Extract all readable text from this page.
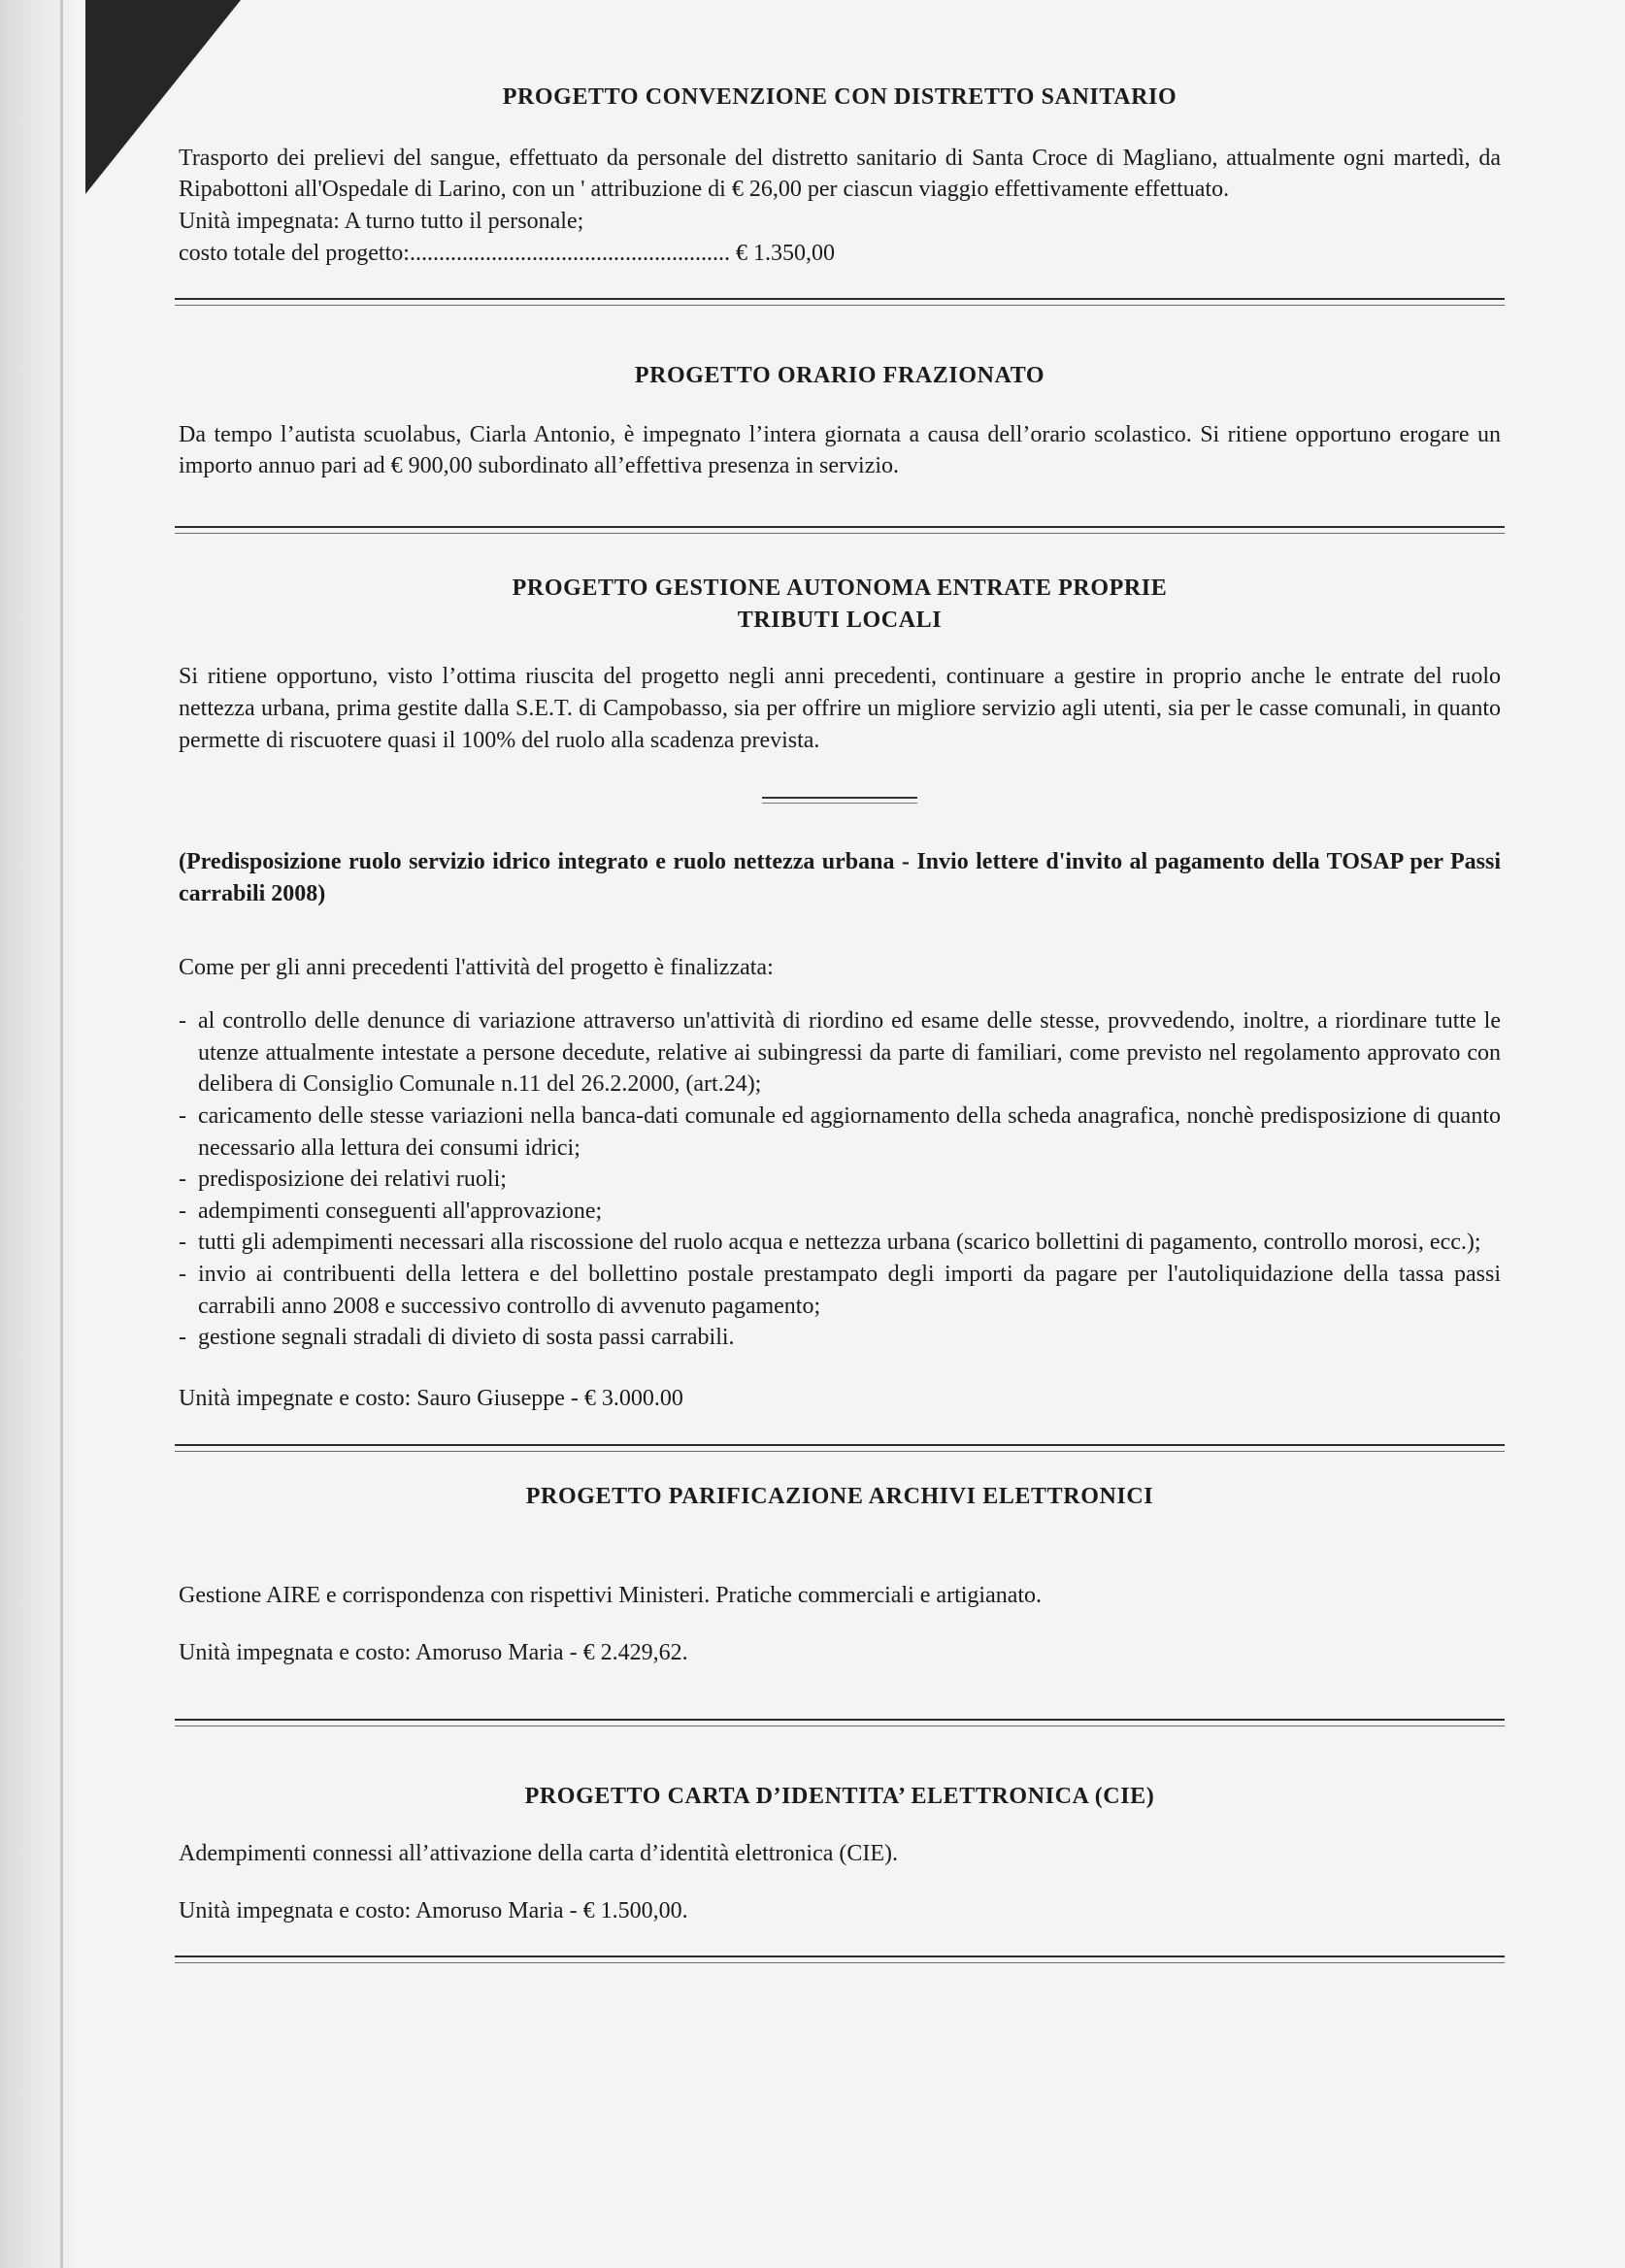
PROGETTO CONVENZIONE CON DISTRETTO SANITARIO

Trasporto dei prelievi del sangue, effettuato da personale del distretto sanitario di Santa Croce di Magliano, attualmente ogni martedì, da Ripabottoni all'Ospedale di Larino, con un ' attribuzione di € 26,00 per ciascun viaggio effettivamente effettuato.

Unità impegnata: A turno tutto il personale;

costo totale del progetto:....................................................... € 1.350,00

PROGETTO ORARIO FRAZIONATO

Da tempo l’autista scuolabus, Ciarla Antonio, è impegnato l’intera giornata a causa dell’orario scolastico. Si ritiene opportuno erogare un importo annuo pari ad € 900,00 subordinato all’effettiva presenza in servizio.

PROGETTO GESTIONE AUTONOMA ENTRATE PROPRIE
TRIBUTI LOCALI

Si ritiene opportuno, visto l’ottima riuscita del progetto negli anni precedenti, continuare a gestire in proprio anche le entrate del ruolo nettezza urbana, prima gestite dalla S.E.T. di Campobasso, sia per offrire un migliore servizio agli utenti, sia per le casse comunali, in quanto permette di riscuotere quasi il 100% del ruolo alla scadenza prevista.

(Predisposizione ruolo servizio idrico integrato e ruolo nettezza urbana - Invio lettere d'invito al pagamento della TOSAP per Passi carrabili 2008)

Come per gli anni precedenti l'attività del progetto è finalizzata:

- al controllo delle denunce di variazione attraverso un'attività di riordino ed esame delle stesse, provvedendo, inoltre, a riordinare tutte le utenze attualmente intestate a persone decedute, relative ai subingressi da parte di familiari, come previsto nel regolamento approvato con delibera di Consiglio Comunale n.11 del 26.2.2000, (art.24);
- caricamento delle stesse variazioni nella banca-dati comunale ed aggiornamento della scheda anagrafica, nonchè predisposizione di quanto necessario alla lettura dei consumi idrici;
- predisposizione dei relativi ruoli;
- adempimenti conseguenti all'approvazione;
- tutti gli adempimenti necessari alla riscossione del ruolo acqua e nettezza urbana (scarico bollettini di pagamento, controllo morosi, ecc.);
- invio ai contribuenti della lettera e del bollettino postale prestampato degli importi da pagare per l'autoliquidazione della tassa passi carrabili anno 2008 e successivo controllo di avvenuto pagamento;
- gestione segnali stradali di divieto di sosta passi carrabili.

Unità impegnate e costo: Sauro Giuseppe - € 3.000.00

PROGETTO PARIFICAZIONE ARCHIVI ELETTRONICI

Gestione AIRE e corrispondenza con rispettivi Ministeri. Pratiche commerciali e artigianato.

Unità impegnata e costo: Amoruso Maria - € 2.429,62.

PROGETTO CARTA D’IDENTITA’ ELETTRONICA (CIE)

Adempimenti connessi all’attivazione della carta d’identità elettronica (CIE).

Unità impegnata e costo: Amoruso Maria - € 1.500,00.
